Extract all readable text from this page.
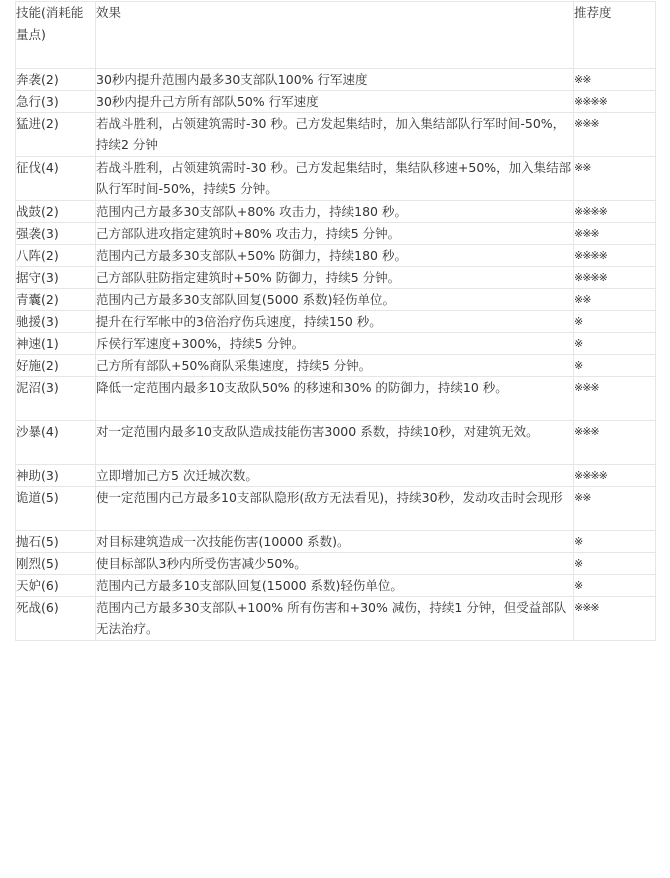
技能(消耗能量点)	效果	推荐度
奔袭(2)	30秒内提升范围内最多30支部队100% 行军速度	※※
急行(3)	30秒内提升己方所有部队50% 行军速度	※※※※
猛进(2)	若战斗胜利，占领建筑需时-30 秒。己方发起集结时，加入集结部队行军时间-50%，持续2 分钟	※※※
征伐(4)	若战斗胜利，占领建筑需时-30 秒。己方发起集结时，集结队移速+50%，加入集结部队行军时间-50%，持续5 分钟。	※※
战鼓(2)	范围内己方最多30支部队+80% 攻击力，持续180 秒。	※※※※
强袭(3)	己方部队进攻指定建筑时+80% 攻击力，持续5 分钟。	※※※
八阵(2)	范围内己方最多30支部队+50% 防御力，持续180 秒。	※※※※
据守(3)	己方部队驻防指定建筑时+50% 防御力，持续5 分钟。	※※※※
青囊(2)	范围内己方最多30支部队回复(5000 系数)轻伤单位。	※※
驰援(3)	提升在行军帐中的3倍治疗伤兵速度，持续150 秒。	※
神速(1)	斥侯行军速度+300%，持续5 分钟。	※
好施(2)	己方所有部队+50%商队采集速度，持续5 分钟。	※
泥沼(3)	降低一定范围内最多10支敌队50% 的移速和30% 的防御力，持续10 秒。	※※※
沙暴(4)	对一定范围内最多10支敌队造成技能伤害3000 系数，持续10秒，对建筑无效。	※※※
神助(3)	立即增加己方5 次迁城次数。	※※※※
诡道(5)	使一定范围内己方最多10支部队隐形(敌方无法看见)，持续30秒，发动攻击时会现形	※※
抛石(5)	对目标建筑造成一次技能伤害(10000 系数)。	※
刚烈(5)	使目标部队3秒内所受伤害减少50%。	※
天妒(6)	范围内己方最多10支部队回复(15000 系数)轻伤单位。	※
死战(6)	范围内己方最多30支部队+100% 所有伤害和+30% 减伤，持续1 分钟，但受益部队无法治疗。	※※※
